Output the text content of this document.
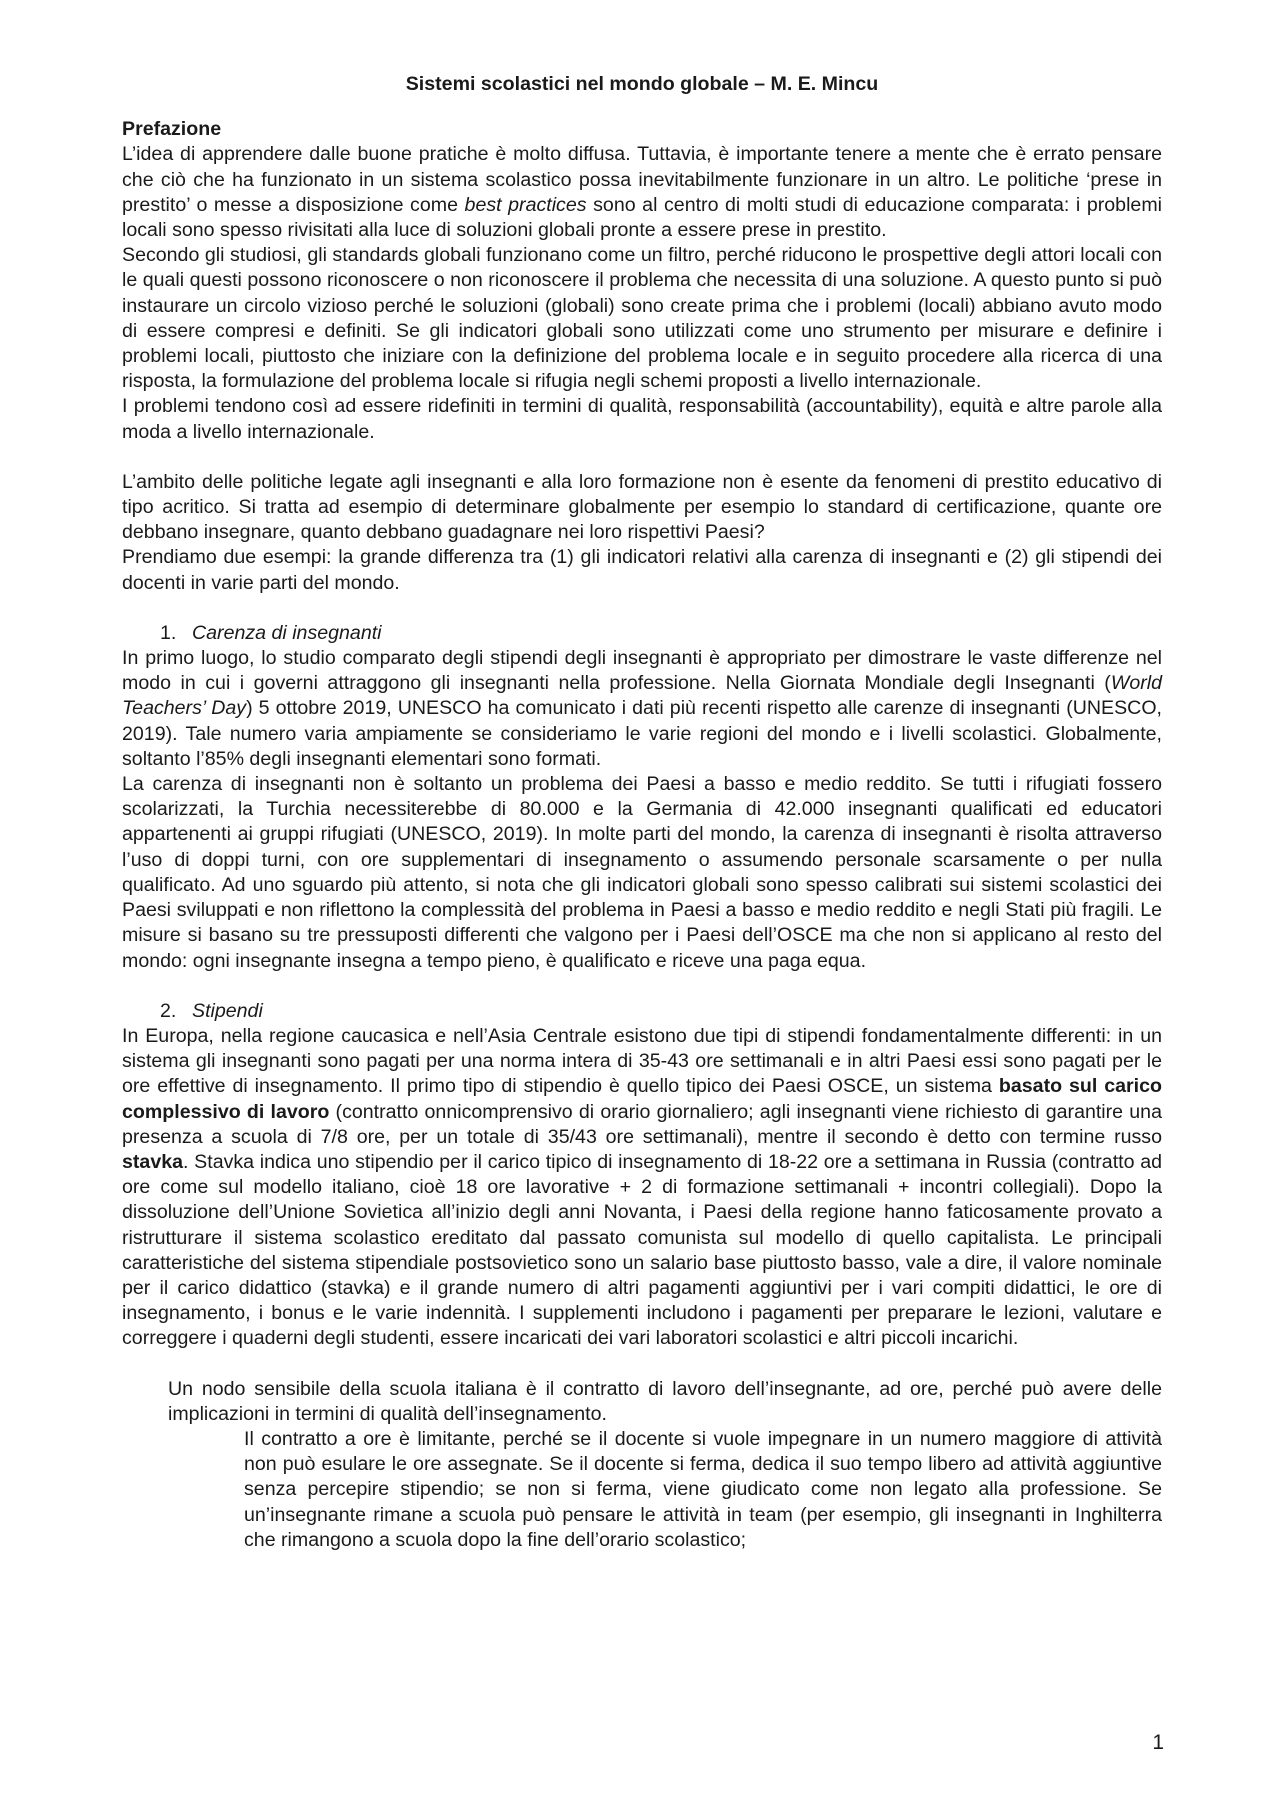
Sistemi scolastici nel mondo globale – M. E. Mincu
Prefazione

L’idea di apprendere dalle buone pratiche è molto diffusa. Tuttavia, è importante tenere a mente che è errato pensare che ciò che ha funzionato in un sistema scolastico possa inevitabilmente funzionare in un altro. Le politiche ‘prese in prestito’ o messe a disposizione come best practices sono al centro di molti studi di educazione comparata: i problemi locali sono spesso rivisitati alla luce di soluzioni globali pronte a essere prese in prestito.

Secondo gli studiosi, gli standards globali funzionano come un filtro, perché riducono le prospettive degli attori locali con le quali questi possono riconoscere o non riconoscere il problema che necessita di una soluzione. A questo punto si può instaurare un circolo vizioso perché le soluzioni (globali) sono create prima che i problemi (locali) abbiano avuto modo di essere compresi e definiti. Se gli indicatori globali sono utilizzati come uno strumento per misurare e definire i problemi locali, piuttosto che iniziare con la definizione del problema locale e in seguito procedere alla ricerca di una risposta, la formulazione del problema locale si rifugia negli schemi proposti a livello internazionale.

I problemi tendono così ad essere ridefiniti in termini di qualità, responsabilità (accountability), equità e altre parole alla moda a livello internazionale.

L’ambito delle politiche legate agli insegnanti e alla loro formazione non è esente da fenomeni di prestito educativo di tipo acritico. Si tratta ad esempio di determinare globalmente per esempio lo standard di certificazione, quante ore debbano insegnare, quanto debbano guadagnare nei loro rispettivi Paesi?

Prendiamo due esempi: la grande differenza tra (1) gli indicatori relativi alla carenza di insegnanti e (2) gli stipendi dei docenti in varie parti del mondo.

1. Carenza di insegnanti

In primo luogo, lo studio comparato degli stipendi degli insegnanti è appropriato per dimostrare le vaste differenze nel modo in cui i governi attraggono gli insegnanti nella professione. Nella Giornata Mondiale degli Insegnanti (World Teachers’ Day) 5 ottobre 2019, UNESCO ha comunicato i dati più recenti rispetto alle carenze di insegnanti (UNESCO, 2019). Tale numero varia ampiamente se consideriamo le varie regioni del mondo e i livelli scolastici. Globalmente, soltanto l’85% degli insegnanti elementari sono formati.

La carenza di insegnanti non è soltanto un problema dei Paesi a basso e medio reddito. Se tutti i rifugiati fossero scolarizzati, la Turchia necessiterebbe di 80.000 e la Germania di 42.000 insegnanti qualificati ed educatori appartenenti ai gruppi rifugiati (UNESCO, 2019). In molte parti del mondo, la carenza di insegnanti è risolta attraverso l’uso di doppi turni, con ore supplementari di insegnamento o assumendo personale scarsamente o per nulla qualificato. Ad uno sguardo più attento, si nota che gli indicatori globali sono spesso calibrati sui sistemi scolastici dei Paesi sviluppati e non riflettono la complessità del problema in Paesi a basso e medio reddito e negli Stati più fragili. Le misure si basano su tre pressuposti differenti che valgono per i Paesi dell’OSCE ma che non si applicano al resto del mondo: ogni insegnante insegna a tempo pieno, è qualificato e riceve una paga equa.

2. Stipendi

In Europa, nella regione caucasica e nell’Asia Centrale esistono due tipi di stipendi fondamentalmente differenti: in un sistema gli insegnanti sono pagati per una norma intera di 35-43 ore settimanali e in altri Paesi essi sono pagati per le ore effettive di insegnamento. Il primo tipo di stipendio è quello tipico dei Paesi OSCE, un sistema basato sul carico complessivo di lavoro (contratto onnicomprensivo di orario giornaliero; agli insegnanti viene richiesto di garantire una presenza a scuola di 7/8 ore, per un totale di 35/43 ore settimanali), mentre il secondo è detto con termine russo stavka. Stavka indica uno stipendio per il carico tipico di insegnamento di 18-22 ore a settimana in Russia (contratto ad ore come sul modello italiano, cioè 18 ore lavorative + 2 di formazione settimanali + incontri collegiali). Dopo la dissoluzione dell’Unione Sovietica all’inizio degli anni Novanta, i Paesi della regione hanno faticosamente provato a ristrutturare il sistema scolastico ereditato dal passato comunista sul modello di quello capitalista. Le principali caratteristiche del sistema stipendiale postsovietico sono un salario base piuttosto basso, vale a dire, il valore nominale per il carico didattico (stavka) e il grande numero di altri pagamenti aggiuntivi per i vari compiti didattici, le ore di insegnamento, i bonus e le varie indennità. I supplementi includono i pagamenti per preparare le lezioni, valutare e correggere i quaderni degli studenti, essere incaricati dei vari laboratori scolastici e altri piccoli incarichi.

Un nodo sensibile della scuola italiana è il contratto di lavoro dell’insegnante, ad ore, perché può avere delle implicazioni in termini di qualità dell’insegnamento.

Il contratto a ore è limitante, perché se il docente si vuole impegnare in un numero maggiore di attività non può esulare le ore assegnate. Se il docente si ferma, dedica il suo tempo libero ad attività aggiuntive senza percepire stipendio; se non si ferma, viene giudicato come non legato alla professione. Se un’insegnante rimane a scuola può pensare le attività in team (per esempio, gli insegnanti in Inghilterra che rimangono a scuola dopo la fine dell’orario scolastico;

1
